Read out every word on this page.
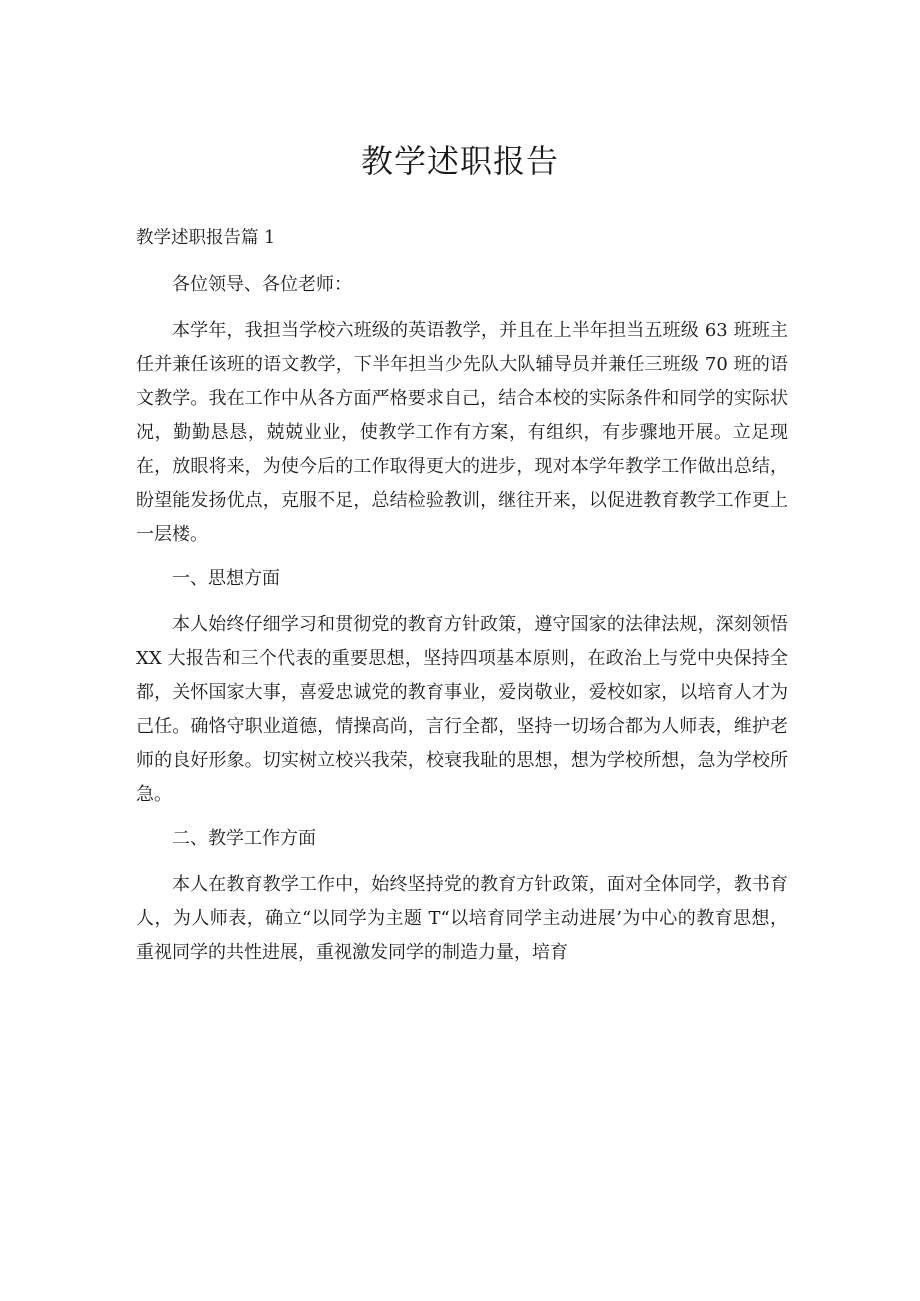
教学述职报告

教学述职报告篇 1

各位领导、各位老师：

本学年，我担当学校六班级的英语教学，并且在上半年担当五班级 63 班班主任并兼任该班的语文教学，下半年担当少先队大队辅导员并兼任三班级 70 班的语文教学。我在工作中从各方面严格要求自己，结合本校的实际条件和同学的实际状况，勤勤恳恳，兢兢业业，使教学工作有方案，有组织，有步骤地开展。立足现在，放眼将来，为使今后的工作取得更大的进步，现对本学年教学工作做出总结，盼望能发扬优点，克服不足，总结检验教训，继往开来，以促进教育教学工作更上一层楼。

一、思想方面

本人始终仔细学习和贯彻党的教育方针政策，遵守国家的法律法规，深刻领悟 XX 大报告和三个代表的重要思想，坚持四项基本原则，在政治上与党中央保持全都，关怀国家大事，喜爱忠诚党的教育事业，爱岗敬业，爱校如家，以培育人才为己任。确恪守职业道德，情操高尚，言行全都，坚持一切场合都为人师表，维护老师的良好形象。切实树立校兴我荣，校衰我耻的思想，想为学校所想，急为学校所急。

二、教学工作方面

本人在教育教学工作中，始终坚持党的教育方针政策，面对全体同学，教书育人，为人师表，确立“以同学为主题 T“以培育同学主动进展’为中心的教育思想，重视同学的共性进展，重视激发同学的制造力量，培育
